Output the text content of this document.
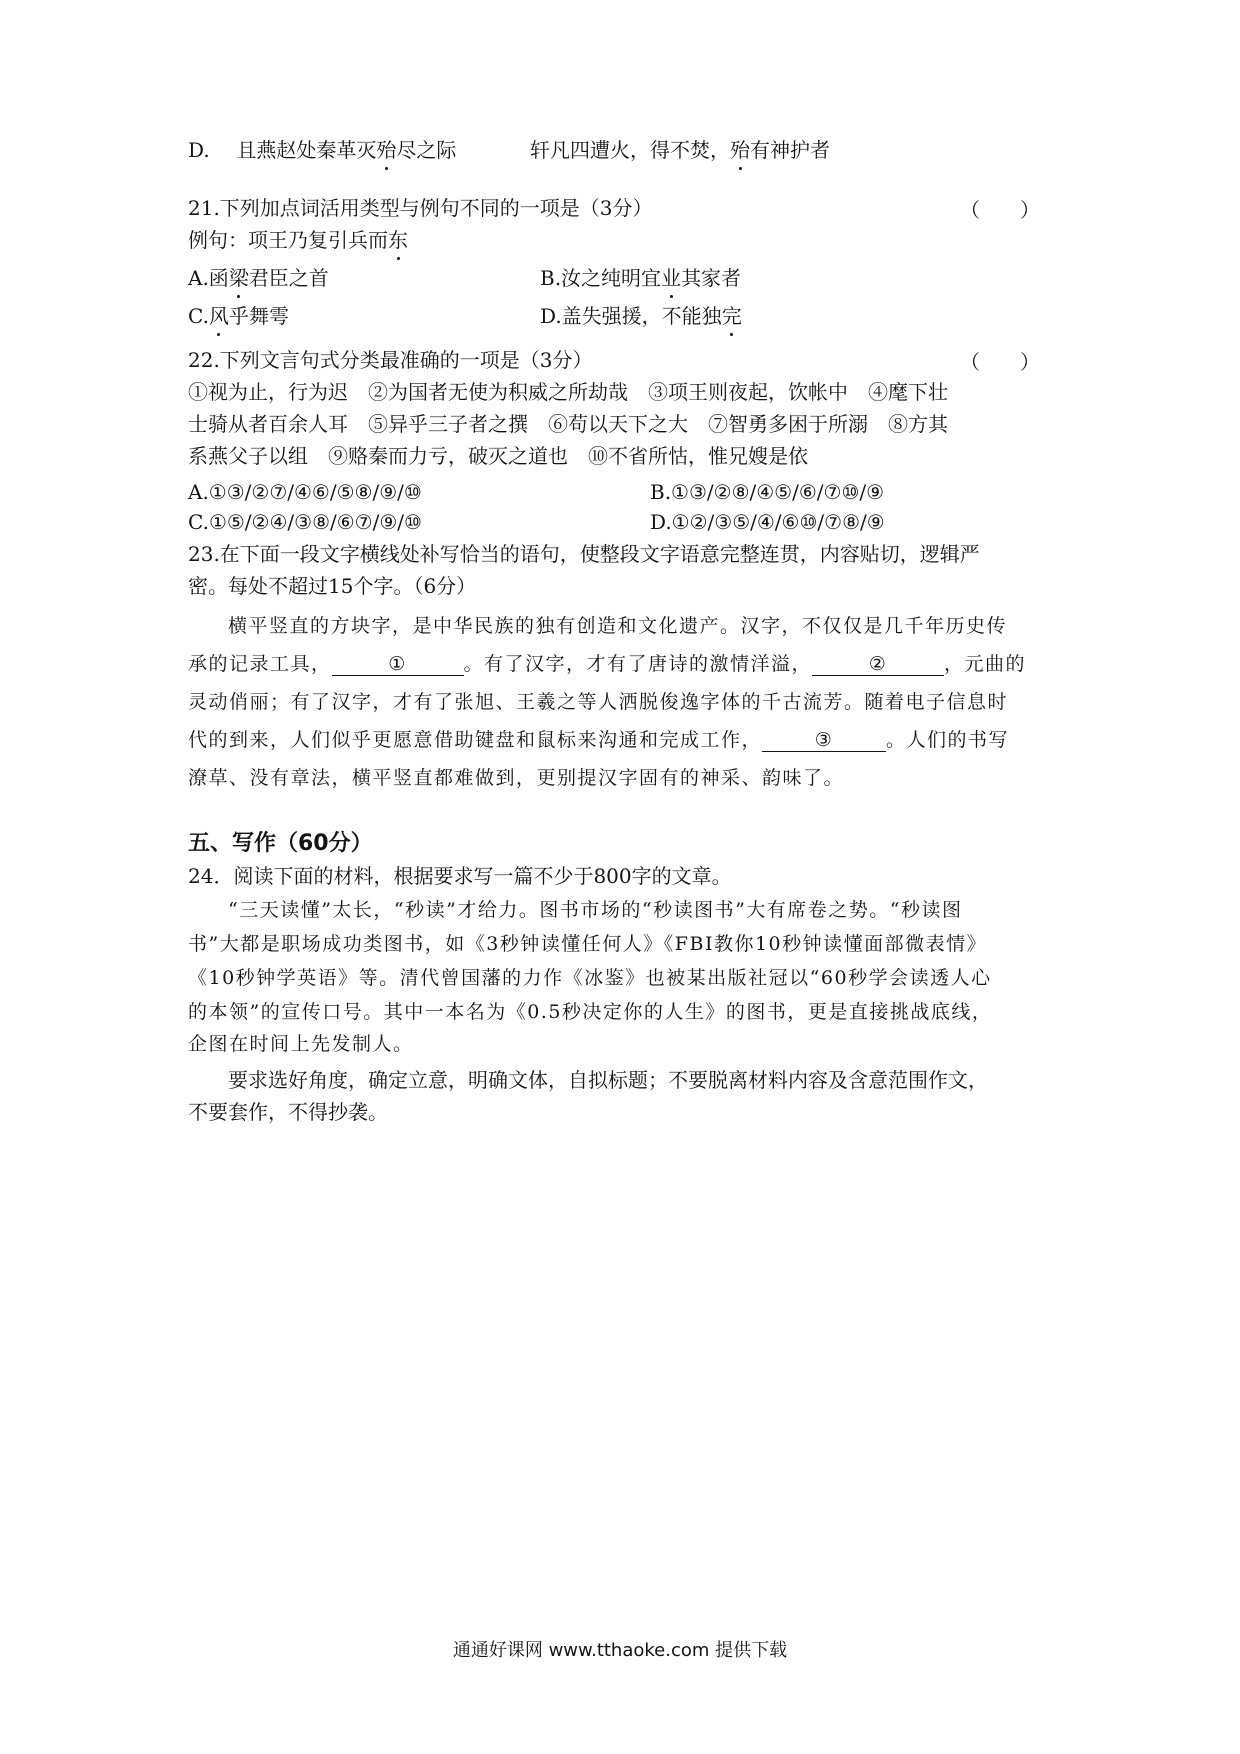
D. 且燕赵处秦革灭殆尽之际	轩凡四遭火，得不焚，殆有神护者
21.下列加点词活用类型与例句不同的一项是（3分）	（　　）
例句：项王乃复引兵而东
A.函梁君臣之首	B.汝之纯明宜业其家者
C.风乎舞雩	D.盖失强援，不能独完
22.下列文言句式分类最准确的一项是（3分）	（　　）
①视为止，行为迟　②为国者无使为积威之所劫哉　③项王则夜起，饮帐中　④麾下壮
士骑从者百余人耳　⑤异乎三子者之撰　⑥苟以天下之大　⑦智勇多困于所溺　⑧方其
系燕父子以组　⑨赂秦而力亏，破灭之道也　⑩不省所怙，惟兄嫂是依
A.①③/②⑦/④⑥/⑤⑧/⑨/⑩	B.①③/②⑧/④⑤/⑥/⑦⑩/⑨
C.①⑤/②④/③⑧/⑥⑦/⑨/⑩	D.①②/③⑤/④/⑥⑩/⑦⑧/⑨
23.在下面一段文字横线处补写恰当的语句，使整段文字语意完整连贯，内容贴切，逻辑严
密。每处不超过15个字。（6分）
横平竖直的方块字，是中华民族的独有创造和文化遗产。汉字，不仅仅是几千年历史传
承的记录工具，	①	。有了汉字，才有了唐诗的激情洋溢，	②	，元曲的
灵动俏丽；有了汉字，才有了张旭、王羲之等人洒脱俊逸字体的千古流芳。随着电子信息时
代的到来，人们似乎更愿意借助键盘和鼠标来沟通和完成工作，	③	。人们的书写
潦草、没有章法，横平竖直都难做到，更别提汉字固有的神采、韵味了。
五、写作（60分）
24．阅读下面的材料，根据要求写一篇不少于800字的文章。
“三天读懂”太长，“秒读”才给力。图书市场的“秒读图书”大有席卷之势。“秒读图
书”大都是职场成功类图书，如《3秒钟读懂任何人》《FBI教你10秒钟读懂面部微表情》
《10秒钟学英语》等。清代曾国藩的力作《冰鉴》也被某出版社冠以“60秒学会读透人心
的本领”的宣传口号。其中一本名为《0.5秒决定你的人生》的图书，更是直接挑战底线，
企图在时间上先发制人。
要求选好角度，确定立意，明确文体，自拟标题；不要脱离材料内容及含意范围作文，
不要套作，不得抄袭。
通通好课网 www.tthaoke.com 提供下载
